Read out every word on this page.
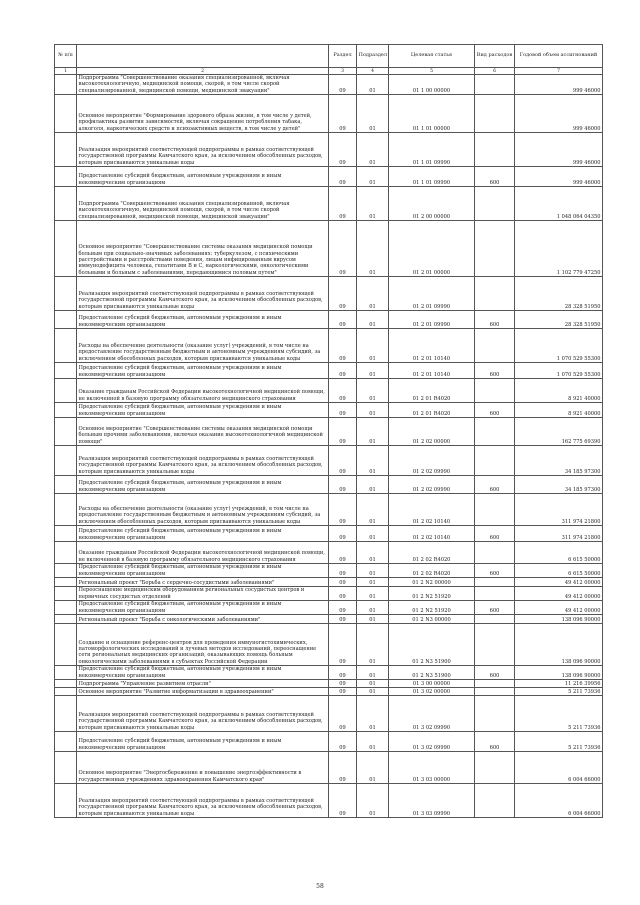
№ п/п		Раздел	Подраздел	Целевая статья	Вид расходов	Годовой объем ассигнований
1	2	3	4	5	6	7
	Подпрограмма "Совершенствование оказания специализированной, включая высокотехнологичную, медицинской помощи, скорой, в том числе скорой специализированной, медицинской помощи, медицинской эвакуации"	09	01	01 1 00 00000		999 46000
	Основное мероприятие "Формирование здорового образа жизни, в том числе у детей, профилактика развития зависимостей, включая сокращение потребления табака, алкоголя, наркотических средств и психоактивных веществ, в том числе у детей"	09	01	01 1 01 00000		999 46000
	Реализация мероприятий соответствующей подпрограммы в рамках соответствующей государственной программы Камчатского края, за исключением обособленных расходов, которым присваиваются уникальные коды	09	01	01 1 01 09990		999 46000
	Предоставление субсидий бюджетным, автономным учреждениям и иным некоммерческим организациям	09	01	01 1 01 09990	600	999 46000
	Подпрограмма "Совершенствование оказания специализированной, включая высокотехнологичную, медицинской помощи, скорой, в том числе скорой специализированной, медицинской помощи, медицинской эвакуации"	09	01	01 2 00 00000		1 048 064 04350
	Основное мероприятие "Совершенствование системы оказания медицинской помощи больным при социально-значимых заболеваниях: туберкулезом, с психическими расстройствами и расстройствами поведения, лицам инфицированным вирусом иммунодефицита человека, гепатитами B и C, наркологическими, онкологическими больными и больным с заболеваниями, передающимися половым путем"	09	01	01 2 01 00000		1 102 779 47250
	Реализация мероприятий соответствующей подпрограммы в рамках соответствующей государственной программы Камчатского края, за исключением обособленных расходов, которым присваиваются уникальные коды	09	01	01 2 01 09990		28 328 51950
	Предоставление субсидий бюджетным, автономным учреждениям и иным некоммерческим организациям	09	01	01 2 01 09990	600	28 328 51950
	Расходы на обеспечение деятельности (оказание услуг) учреждений, в том числе на предоставление государственным бюджетным и автономным учреждениям субсидий, за исключением обособленных расходов, которым присваиваются уникальные коды	09	01	01 2 01 10140		1 070 529 55300
	Предоставление субсидий бюджетным, автономным учреждениям и иным некоммерческим организациям	09	01	01 2 01 10140	600	1 070 529 55300
	Оказание гражданам Российской Федерации высокотехнологичной медицинской помощи, не включенной в базовую программу обязательного медицинского страхования	09	01	01 2 01 R4020		8 921 40000
	Предоставление субсидий бюджетным, автономным учреждениям и иным некоммерческим организациям	09	01	01 2 01 R4020	600	8 921 40000
	Основное мероприятие "Совершенствование системы оказания медицинской помощи больным прочими заболеваниями, включая оказание высокотехнологичной медицинской помощи"	09	01	01 2 02 00000		162 775 69390
	Реализация мероприятий соответствующей подпрограммы в рамках соответствующей государственной программы Камчатского края, за исключением обособленных расходов, которым присваиваются уникальные коды	09	01	01 2 02 09990		34 185 97300
	Предоставление субсидий бюджетным, автономным учреждениям и иным некоммерческим организациям	09	01	01 2 02 09990	600	34 185 97300
	Расходы на обеспечение деятельности (оказание услуг) учреждений, в том числе на предоставление государственным бюджетным и автономным учреждениям субсидий, за исключением обособленных расходов, которым присваиваются уникальные коды	09	01	01 2 02 10140		311 974 21800
	Предоставление субсидий бюджетным, автономным учреждениям и иным некоммерческим организациям	09	01	01 2 02 10140	600	311 974 21800
	Оказание гражданам Российской Федерации высокотехнологичной медицинской помощи, не включенной в базовую программу обязательного медицинского страхования	09	01	01 2 02 R4020		6 615 50000
	Предоставление субсидий бюджетным, автономным учреждениям и иным некоммерческим организациям	09	01	01 2 02 R4020	600	6 615 50000
	Региональный проект "Борьба с сердечно-сосудистыми заболеваниями"	09	01	01 2 N2 00000		49 412 00000
	Переоснащение медицинским оборудованием региональных сосудистых центров и первичных сосудистых отделений	09	01	01 2 N2 51920		49 412 00000
	Предоставление субсидий бюджетным, автономным учреждениям и иным некоммерческим организациям	09	01	01 2 N2 51920	600	49 412 00000
	Региональный проект "Борьба с онкологическими заболеваниями"	09	01	01 2 N3 00000		138 096 90000
	Создание и оснащение референс-центров для проведения иммуногистохимических, патоморфологических исследований и лучевых методов исследований, переоснащение сети региональных медицинских организаций, оказывающих помощь больным онкологическими заболеваниями в субъектах Российской Федерации	09	01	01 2 N3 51900		138 096 90000
	Предоставление субсидий бюджетным, автономным учреждениям и иным некоммерческим организациям	09	01	01 2 N3 51900	600	138 096 90000
	Подпрограмма "Управление развитием отрасли"	09	01	01 3 00 00000		11 216 39956
	Основное мероприятие "Развитие информатизации в здравоохранении"	09	01	01 3 02 00000		5 211 73936
	Реализация мероприятий соответствующей подпрограммы в рамках соответствующей государственной программы Камчатского края, за исключением обособленных расходов, которым присваиваются уникальные коды	09	01	01 3 02 09990		5 211 73936
	Предоставление субсидий бюджетным, автономным учреждениям и иным некоммерческим организациям	09	01	01 3 02 09990	600	5 211 73936
	Основное мероприятие "Энергосбережение и повышение энергоэффективности в государственных учреждениях здравоохранения Камчатского края"	09	01	01 3 03 00000		6 004 66000
	Реализация мероприятий соответствующей подпрограммы в рамках соответствующей государственной программы Камчатского края, за исключением обособленных расходов, которым присваиваются уникальные коды	09	01	01 3 03 09990		6 004 66000
58
